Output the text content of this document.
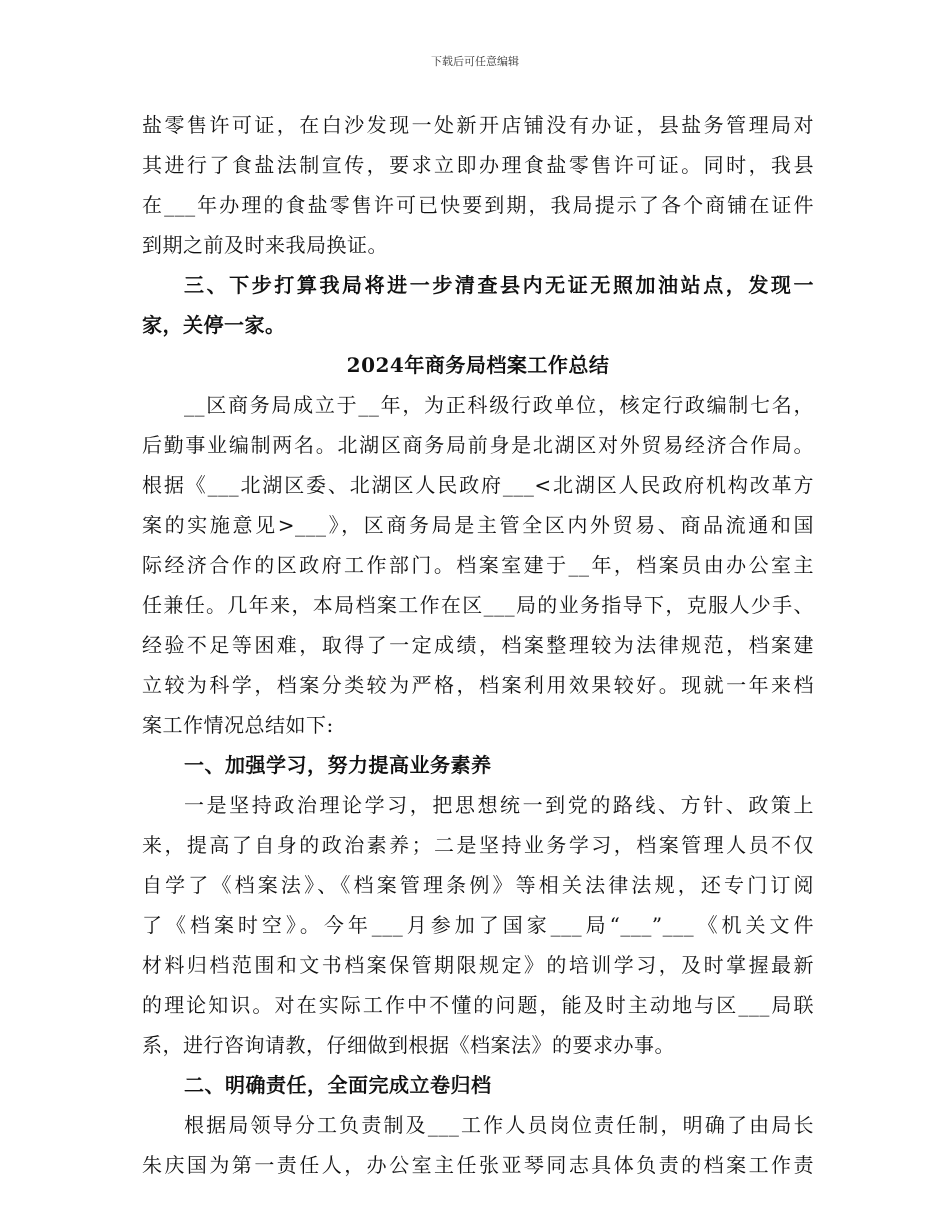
下载后可任意编辑
盐零售许可证，在白沙发现一处新开店铺没有办证，县盐务管理局对
其进行了食盐法制宣传，要求立即办理食盐零售许可证。同时，我县
在___年办理的食盐零售许可已快要到期，我局提示了各个商铺在证件
到期之前及时来我局换证。
三、下步打算我局将进一步清查县内无证无照加油站点，发现一
家，关停一家。
2024年商务局档案工作总结
__区商务局成立于__年，为正科级行政单位，核定行政编制七名，
后勤事业编制两名。北湖区商务局前身是北湖区对外贸易经济合作局。
根据《___北湖区委、北湖区人民政府___<北湖区人民政府机构改革方
案的实施意见>___》，区商务局是主管全区内外贸易、商品流通和国
际经济合作的区政府工作部门。档案室建于__年，档案员由办公室主
任兼任。几年来，本局档案工作在区___局的业务指导下，克服人少手、
经验不足等困难，取得了一定成绩，档案整理较为法律规范，档案建
立较为科学，档案分类较为严格，档案利用效果较好。现就一年来档
案工作情况总结如下:
一、加强学习，努力提高业务素养
一是坚持政治理论学习，把思想统一到党的路线、方针、政策上
来，提高了自身的政治素养；二是坚持业务学习，档案管理人员不仅
自学了《档案法》、《档案管理条例》等相关法律法规，还专门订阅
了《档案时空》。今年___月参加了国家___局“___”___《机关文件
材料归档范围和文书档案保管期限规定》的培训学习，及时掌握最新
的理论知识。对在实际工作中不懂的问题，能及时主动地与区___局联
系，进行咨询请教，仔细做到根据《档案法》的要求办事。
二、明确责任，全面完成立卷归档
根据局领导分工负责制及___工作人员岗位责任制，明确了由局长
朱庆国为第一责任人，办公室主任张亚琴同志具体负责的档案工作责
